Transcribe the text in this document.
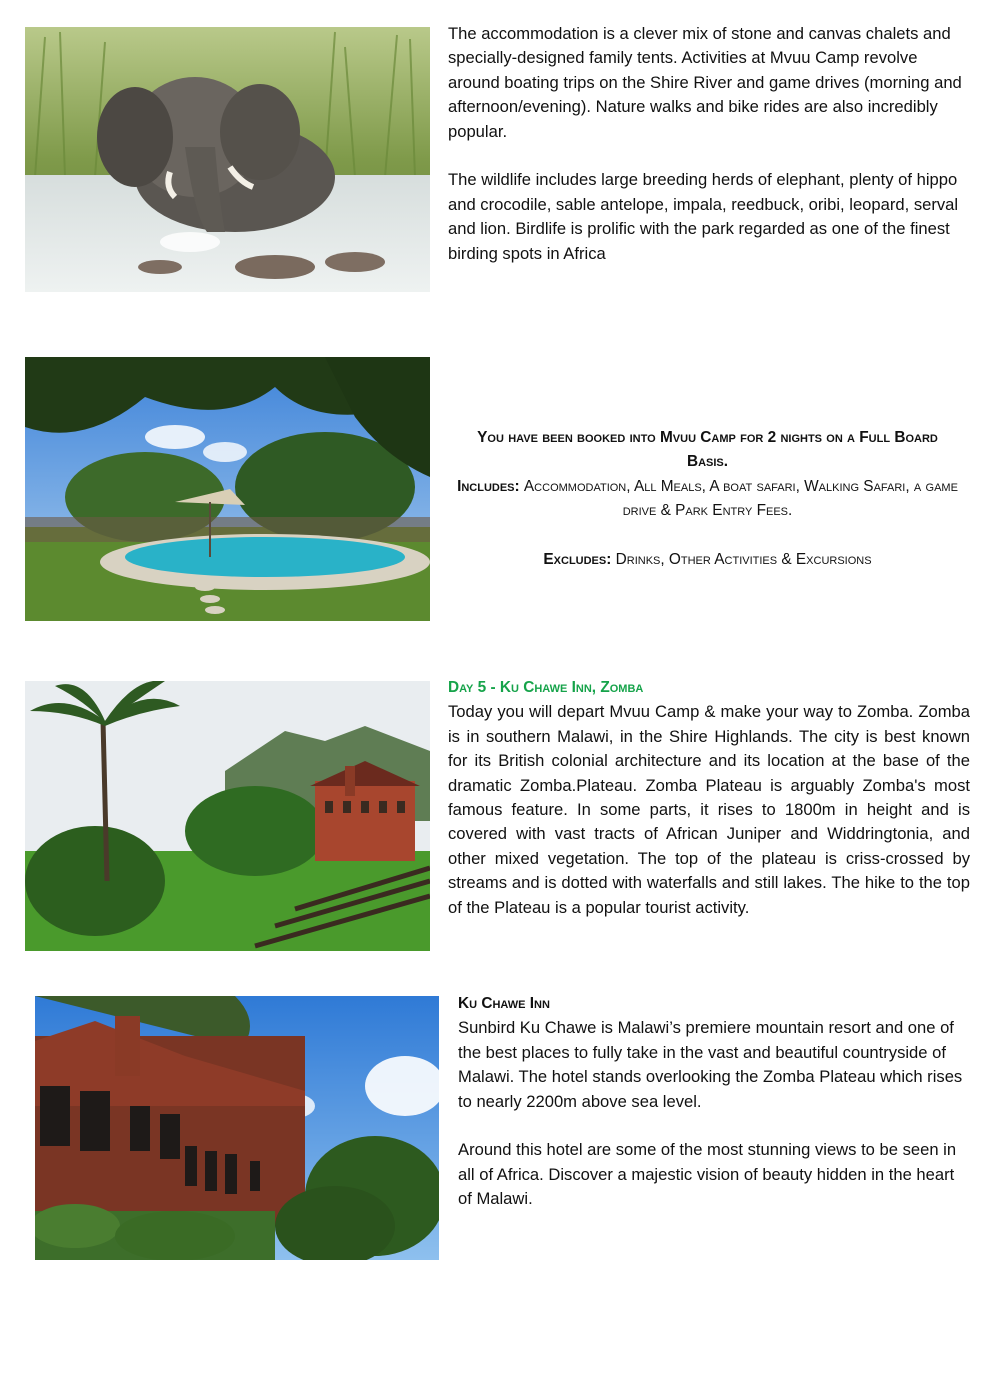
The accommodation is a clever mix of stone and canvas chalets and specially-designed family tents. Activities at Mvuu Camp revolve around boating trips on the Shire River and game drives (morning and afternoon/evening). Nature walks and bike rides are also incredibly popular.

The wildlife includes large breeding herds of elephant, plenty of hippo and crocodile, sable antelope, impala, reedbuck, oribi, leopard, serval and lion. Birdlife is prolific with the park regarded as one of the finest birding spots in Africa

You have been booked into Mvuu Camp for 2 nights on a Full Board Basis.

Includes: Accommodation, All Meals, A boat safari, Walking Safari, a game drive & Park Entry Fees.

Excludes: Drinks, Other Activities & Excursions

Day 5 - Ku Chawe Inn, Zomba

Today you will depart Mvuu Camp & make your way to Zomba. Zomba is in southern Malawi, in the Shire Highlands. The city is best known for its British colonial architecture and its location at the base of the dramatic Zomba.Plateau. Zomba Plateau is arguably Zomba's most famous feature. In some parts, it rises to 1800m in height and is covered with vast tracts of African Juniper and Widdringtonia, and other mixed vegetation. The top of the plateau is criss-crossed by streams and is dotted with waterfalls and still lakes. The hike to the top of the Plateau is a popular tourist activity.

Ku Chawe Inn

Sunbird Ku Chawe is Malawi’s premiere mountain resort and one of the best places to fully take in the vast and beautiful countryside of Malawi. The hotel stands overlooking the Zomba Plateau which rises to nearly 2200m above sea level.

Around this hotel are some of the most stunning views to be seen in all of Africa. Discover a majestic vision of beauty hidden in the heart of Malawi.
